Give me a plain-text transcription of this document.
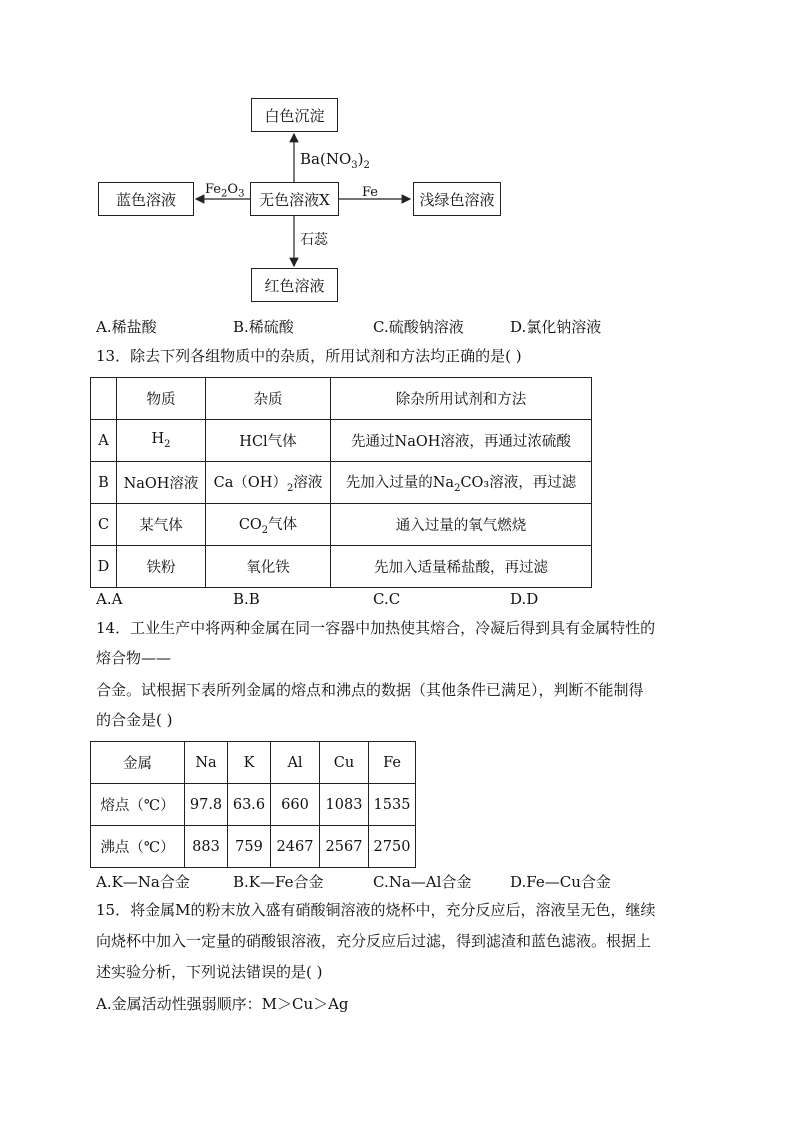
白色沉淀
无色溶液X
蓝色溶液	浅绿色溶液
红色溶液
$Ba(NO_3)_2$
$Fe_2O_3$	Fe
石蕊
A.稀盐酸	B.稀硫酸	C.硫酸钠溶液	D.氯化钠溶液
13．除去下列各组物质中的杂质，所用试剂和方法均正确的是( )
	物质	杂质	除杂所用试剂和方法
A	$H_2$	HCl气体	先通过NaOH溶液，再通过浓硫酸
B	NaOH溶液	$Ca(OH)_2$溶液	先加入过量的$Na_2CO_3$溶液，再过滤
C	某气体	$CO_2$气体	通入过量的氧气燃烧
D	铁粉	氧化铁	先加入适量稀盐酸，再过滤
A.A	B.B	C.C	D.D
14．工业生产中将两种金属在同一容器中加热使其熔合，冷凝后得到具有金属特性的
熔合物——
合金。试根据下表所列金属的熔点和沸点的数据（其他条件已满足），判断不能制得
的合金是( )
金属	Na	K	Al	Cu	Fe
熔点（℃）	97.8	63.6	660	1083	1535
沸点（℃）	883	759	2467	2567	2750
A.K—Na合金	B.K—Fe合金	C.Na—Al合金	D.Fe—Cu合金
15．将金属M的粉末放入盛有硝酸铜溶液的烧杯中，充分反应后，溶液呈无色，继续
向烧杯中加入一定量的硝酸银溶液，充分反应后过滤，得到滤渣和蓝色滤液。根据上
述实验分析，下列说法错误的是( )
A.金属活动性强弱顺序：M＞Cu＞Ag
